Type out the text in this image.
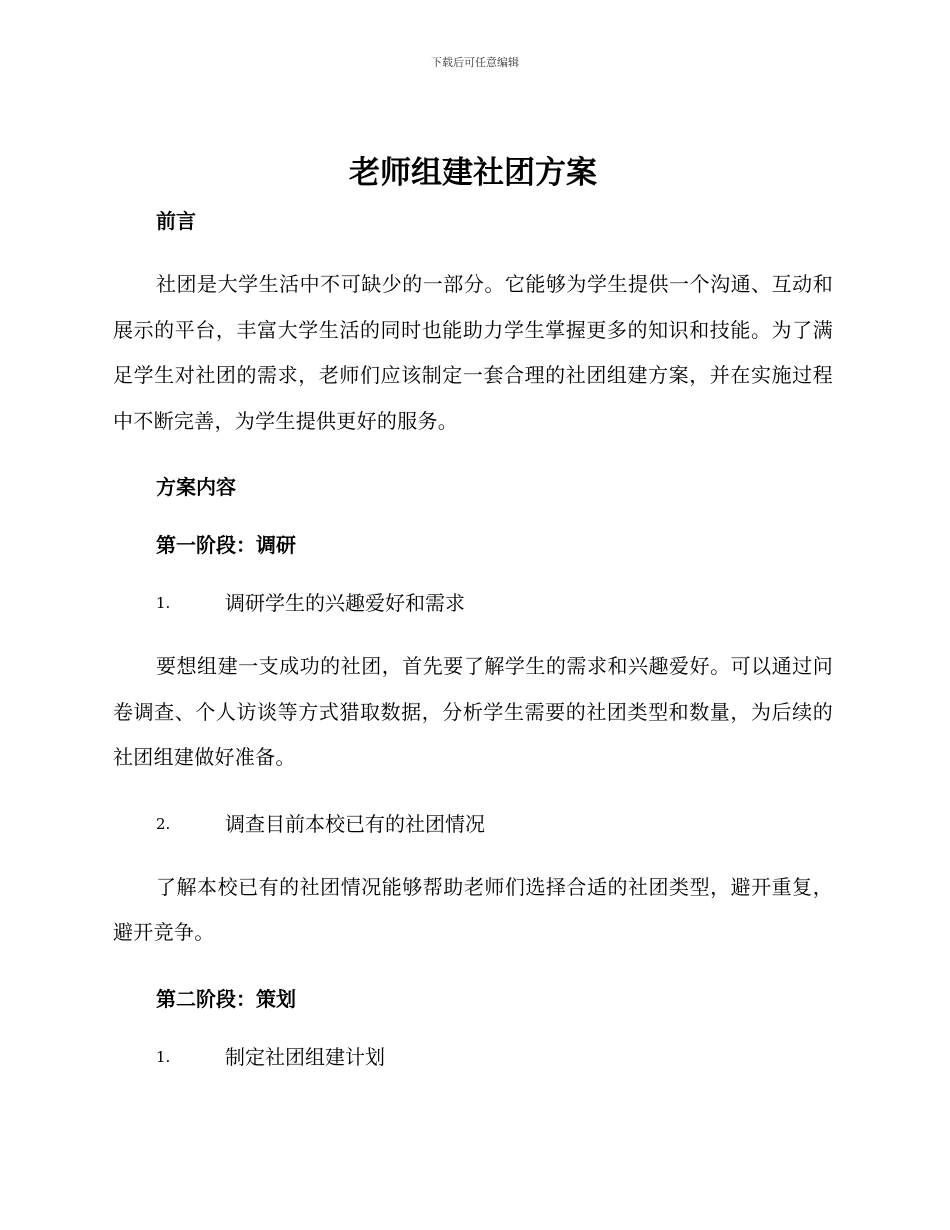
下载后可任意编辑
老师组建社团方案
前言

社团是大学生活中不可缺少的一部分。它能够为学生提供一个沟通、互动和展示的平台，丰富大学生活的同时也能助力学生掌握更多的知识和技能。为了满足学生对社团的需求，老师们应该制定一套合理的社团组建方案，并在实施过程中不断完善，为学生提供更好的服务。

方案内容
第一阶段：调研
1.	调研学生的兴趣爱好和需求

要想组建一支成功的社团，首先要了解学生的需求和兴趣爱好。可以通过问卷调查、个人访谈等方式猎取数据，分析学生需要的社团类型和数量，为后续的社团组建做好准备。

2.	调查目前本校已有的社团情况

了解本校已有的社团情况能够帮助老师们选择合适的社团类型，避开重复，避开竞争。

第二阶段：策划
1.	制定社团组建计划
